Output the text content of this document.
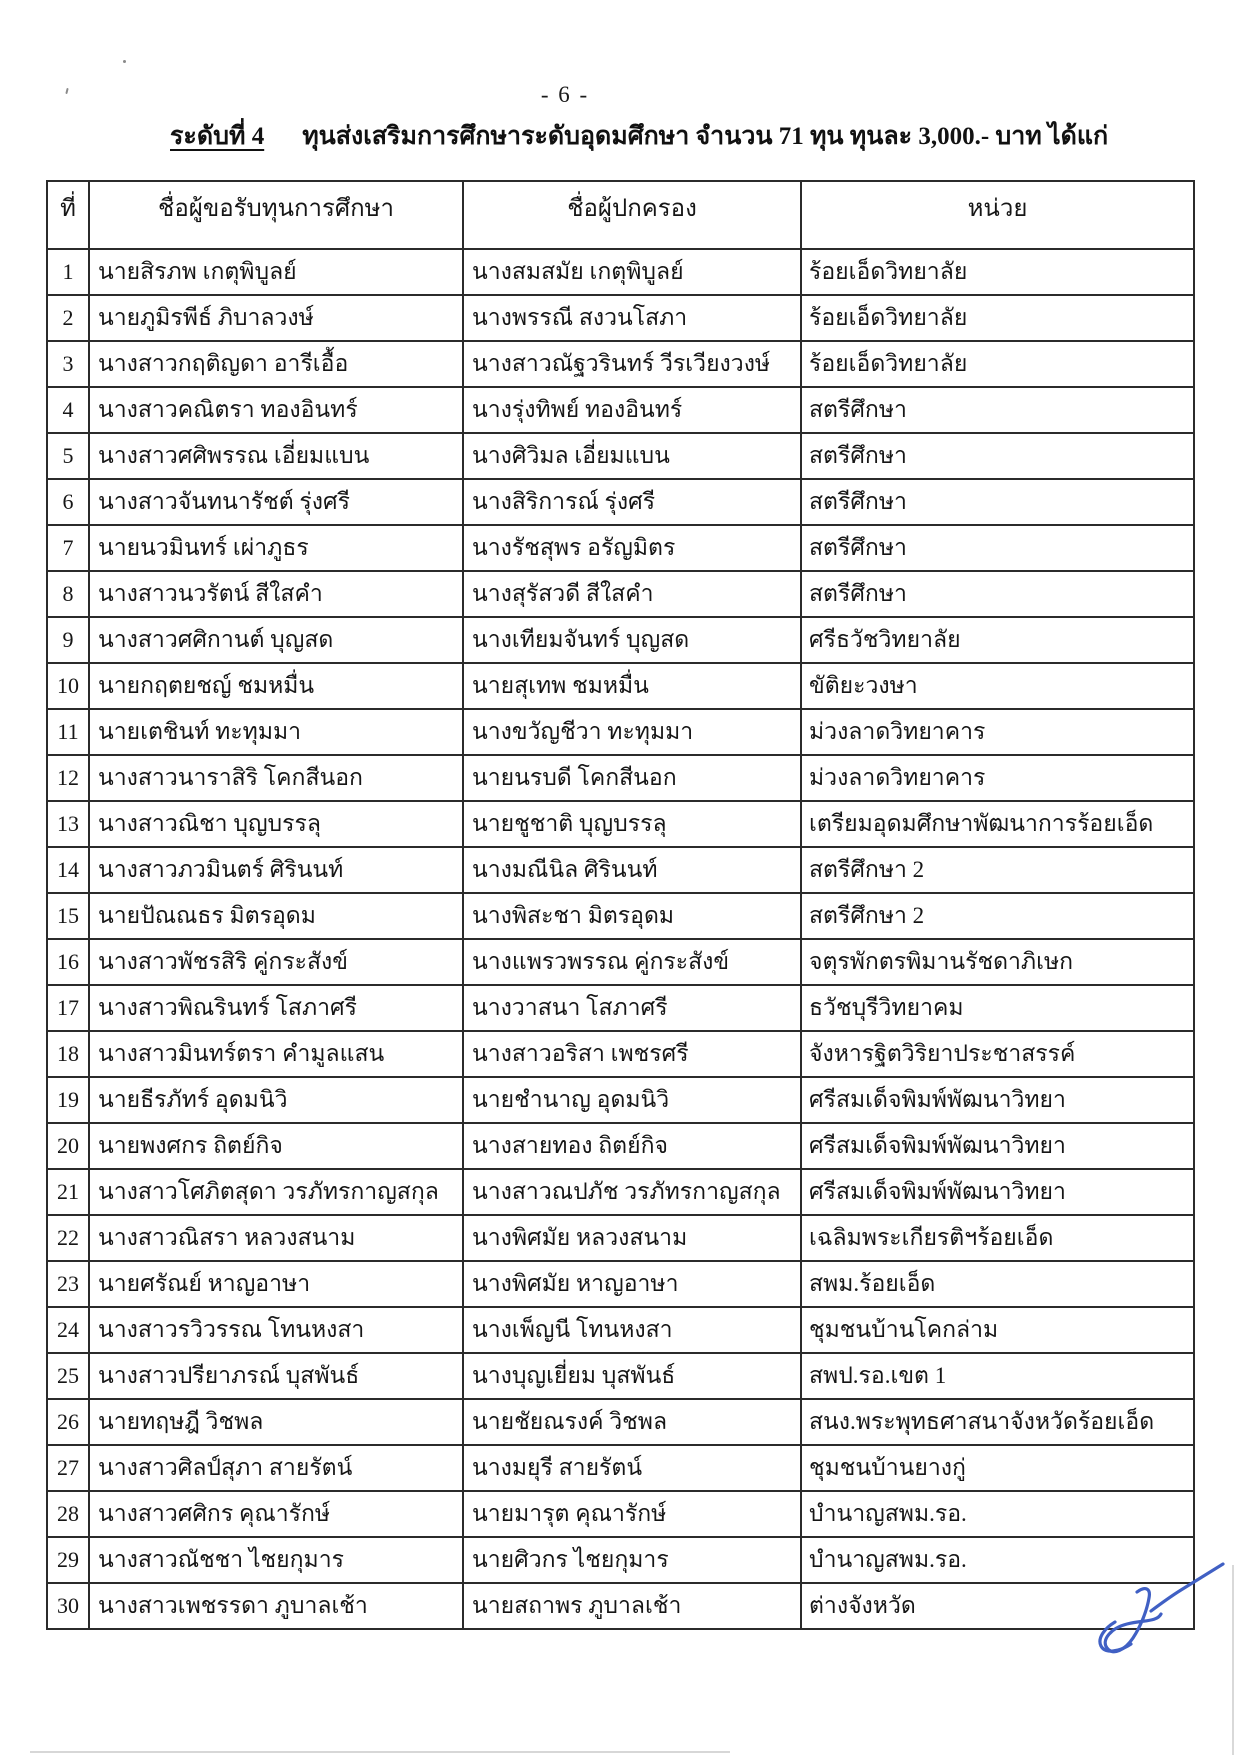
- 6 -
ระดับที่ 4 ทุนส่งเสริมการศึกษาระดับอุดมศึกษา จำนวน 71 ทุน ทุนละ 3,000.- บาท ได้แก่
ที่	ชื่อผู้ขอรับทุนการศึกษา	ชื่อผู้ปกครอง	หน่วย
1	นายสิรภพ เกตุพิบูลย์	นางสมสมัย เกตุพิบูลย์	ร้อยเอ็ดวิทยาลัย
2	นายภูมิรพีธ์ ภิบาลวงษ์	นางพรรณี สงวนโสภา	ร้อยเอ็ดวิทยาลัย
3	นางสาวกฤติญดา อารีเอื้อ	นางสาวณัฐวรินทร์ วีรเวียงวงษ์	ร้อยเอ็ดวิทยาลัย
4	นางสาวคณิตรา ทองอินทร์	นางรุ่งทิพย์ ทองอินทร์	สตรีศึกษา
5	นางสาวศศิพรรณ เอี่ยมแบน	นางศิวิมล เอี่ยมแบน	สตรีศึกษา
6	นางสาวจันทนารัชต์ รุ่งศรี	นางสิริการณ์ รุ่งศรี	สตรีศึกษา
7	นายนวมินทร์ เผ่าภูธร	นางรัชสุพร อรัญมิตร	สตรีศึกษา
8	นางสาวนวรัตน์ สีใสคำ	นางสุรัสวดี สีใสคำ	สตรีศึกษา
9	นางสาวศศิกานต์ บุญสด	นางเทียมจันทร์ บุญสด	ศรีธวัชวิทยาลัย
10	นายกฤตยชญ์ ชมหมื่น	นายสุเทพ ชมหมื่น	ขัติยะวงษา
11	นายเตชินท์ ทะทุมมา	นางขวัญชีวา ทะทุมมา	ม่วงลาดวิทยาคาร
12	นางสาวนาราสิริ โคกสีนอก	นายนรบดี โคกสีนอก	ม่วงลาดวิทยาคาร
13	นางสาวณิชา บุญบรรลุ	นายชูชาติ บุญบรรลุ	เตรียมอุดมศึกษาพัฒนาการร้อยเอ็ด
14	นางสาวภวมินตร์ ศิรินนท์	นางมณีนิล ศิรินนท์	สตรีศึกษา 2
15	นายปัณณธร มิตรอุดม	นางพิสะชา มิตรอุดม	สตรีศึกษา 2
16	นางสาวพัชรสิริ คู่กระสังข์	นางแพรวพรรณ คู่กระสังข์	จตุรพักตรพิมานรัชดาภิเษก
17	นางสาวพิณรินทร์ โสภาศรี	นางวาสนา โสภาศรี	ธวัชบุรีวิทยาคม
18	นางสาวมินทร์ตรา คำมูลแสน	นางสาวอริสา เพชรศรี	จังหารฐิตวิริยาประชาสรรค์
19	นายธีรภัทร์ อุดมนิวิ	นายชำนาญ อุดมนิวิ	ศรีสมเด็จพิมพ์พัฒนาวิทยา
20	นายพงศกร ถิตย์กิจ	นางสายทอง ถิตย์กิจ	ศรีสมเด็จพิมพ์พัฒนาวิทยา
21	นางสาวโศภิตสุดา วรภัทรกาญสกุล	นางสาวณปภัช วรภัทรกาญสกุล	ศรีสมเด็จพิมพ์พัฒนาวิทยา
22	นางสาวณิสรา หลวงสนาม	นางพิศมัย หลวงสนาม	เฉลิมพระเกียรติฯร้อยเอ็ด
23	นายศรัณย์ หาญอาษา	นางพิศมัย หาญอาษา	สพม.ร้อยเอ็ด
24	นางสาวรวิวรรณ โทนหงสา	นางเพ็ญนี โทนหงสา	ชุมชนบ้านโคกล่าม
25	นางสาวปรียาภรณ์ บุสพันธ์	นางบุญเยี่ยม บุสพันธ์	สพป.รอ.เขต 1
26	นายทฤษฎี วิชพล	นายชัยณรงค์ วิชพล	สนง.พระพุทธศาสนาจังหวัดร้อยเอ็ด
27	นางสาวศิลป์สุภา สายรัตน์	นางมยุรี สายรัตน์	ชุมชนบ้านยางกู่
28	นางสาวศศิกร คุณารักษ์	นายมารุต คุณารักษ์	บำนาญสพม.รอ.
29	นางสาวณัชชา ไชยกุมาร	นายศิวกร ไชยกุมาร	บำนาญสพม.รอ.
30	นางสาวเพชรรดา ภูบาลเช้า	นายสถาพร ภูบาลเช้า	ต่างจังหวัด
